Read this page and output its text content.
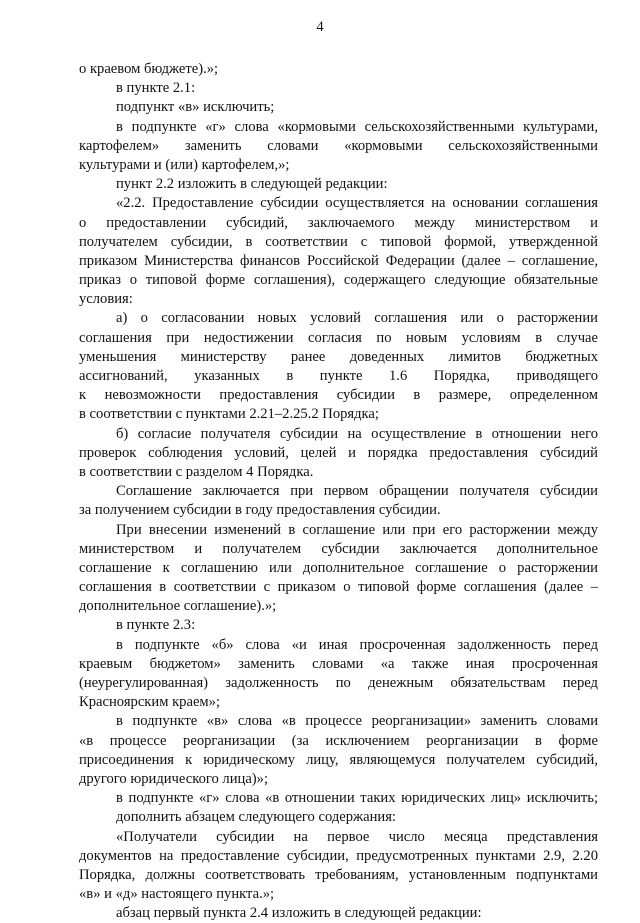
4
о краевом бюджете).»;
в пункте 2.1:
подпункт «в» исключить;
в подпункте «г» слова «кормовыми сельскохозяйственными культурами,
картофелем» заменить словами «кормовыми сельскохозяйственными
культурами и (или) картофелем,»;
пункт 2.2 изложить в следующей редакции:
«2.2. Предоставление субсидии осуществляется на основании соглашения
о предоставлении субсидий, заключаемого между министерством и
получателем субсидии, в соответствии с типовой формой, утвержденной
приказом Министерства финансов Российской Федерации (далее – соглашение,
приказ о типовой форме соглашения), содержащего следующие обязательные
условия:
а) о согласовании новых условий соглашения или о расторжении
соглашения при недостижении согласия по новым условиям в случае
уменьшения министерству ранее доведенных лимитов бюджетных
ассигнований, указанных в пункте 1.6 Порядка, приводящего
к невозможности предоставления субсидии в размере, определенном
в соответствии с пунктами 2.21–2.25.2 Порядка;
б) согласие получателя субсидии на осуществление в отношении него
проверок соблюдения условий, целей и порядка предоставления субсидий
в соответствии с разделом 4 Порядка.
Соглашение заключается при первом обращении получателя субсидии
за получением субсидии в году предоставления субсидии.
При внесении изменений в соглашение или при его расторжении между
министерством и получателем субсидии заключается дополнительное
соглашение к соглашению или дополнительное соглашение о расторжении
соглашения в соответствии с приказом о типовой форме соглашения (далее –
дополнительное соглашение).»;
в пункте 2.3:
в подпункте «б» слова «и иная просроченная задолженность перед
краевым бюджетом» заменить словами «а также иная просроченная
(неурегулированная) задолженность по денежным обязательствам перед
Красноярским краем»;
в подпункте «в» слова «в процессе реорганизации» заменить словами
«в процессе реорганизации (за исключением реорганизации в форме
присоединения к юридическому лицу, являющемуся получателем субсидий,
другого юридического лица)»;
в подпункте «г» слова «в отношении таких юридических лиц» исключить;
дополнить абзацем следующего содержания:
«Получатели субсидии на первое число месяца представления
документов на предоставление субсидии, предусмотренных пунктами 2.9, 2.20
Порядка, должны соответствовать требованиям, установленным подпунктами
«в» и «д» настоящего пункта.»;
абзац первый пункта 2.4 изложить в следующей редакции:
